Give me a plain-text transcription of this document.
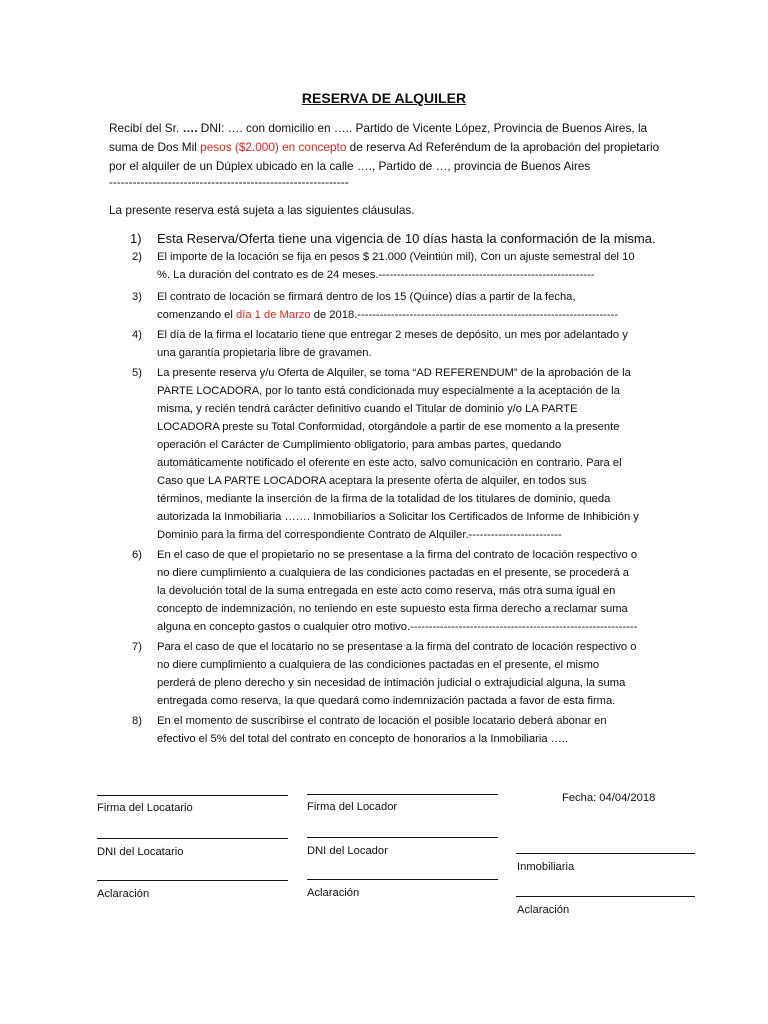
RESERVA DE ALQUILER

Recibí del Sr. …. DNI: …. con domicilio en ….. Partido de Vicente López, Provincia de Buenos Aires, la

suma de Dos Mil pesos ($2.000) en concepto de reserva Ad Referéndum de la aprobación del propietario

por el alquiler de un Dúplex ubicado en la calle …., Partido de …, provincia de Buenos Aires

-------------------------------------------------------------
La presente reserva está sujeta a las siguientes cláusulas.
1) Esta Reserva/Oferta tiene una vigencia de 10 días hasta la conformación de la misma.
2) El importe de la locación se fija en pesos $ 21.000 (Veintiún mil), Con un ajuste semestral del 10
%. La duración del contrato es de 24 meses.----------------------------------------------------------
3) El contrato de locación se firmará dentro de los 15 (Quince) días a partir de la fecha,
comenzando el día 1 de Marzo de 2018.----------------------------------------------------------------------
4) El día de la firma el locatario tiene que entregar 2 meses de depósito, un mes por adelantado y
una garantía propietaria libre de gravamen.
5) La presente reserva y/u Oferta de Alquiler, se toma “AD REFERENDUM” de la aprobación de la
PARTE LOCADORA, por lo tanto está condicionada muy especialmente a la aceptación de la
misma, y recién tendrá carácter definitivo cuando el Titular de dominio y/o LA PARTE
LOCADORA preste su Total Conformidad, otorgándole a partir de ese momento a la presente
operación el Carácter de Cumplimiento obligatorio, para ambas partes, quedando
automáticamente notificado el oferente en este acto, salvo comunicación en contrario. Para el
Caso que LA PARTE LOCADORA aceptara la presente oferta de alquiler, en todos sus
términos, mediante la inserción de la firma de la totalidad de los titulares de dominio, queda
autorizada la Inmobiliaria ……. Inmobiliarios a Solicitar los Certificados de Informe de Inhibición y
Dominio para la firma del correspondiente Contrato de Alquiler.-------------------------
6) En el caso de que el propietario no se presentase a la firma del contrato de locación respectivo o
no diere cumplimiento a cualquiera de las condiciones pactadas en el presente, se procederá a
la devolución total de la suma entregada en este acto como reserva, más otra suma igual en
concepto de indemnización, no teniendo en este supuesto esta firma derecho a reclamar suma
alguna en concepto gastos o cualquier otro motivo.-------------------------------------------------------------
7) Para el caso de que el locatario no se presentase a la firma del contrato de locación respectivo o
no diere cumplimiento a cualquiera de las condiciones pactadas en el presente, el mismo
perderá de pleno derecho y sin necesidad de intimación judicial o extrajudicial alguna, la suma
entregada como reserva, la que quedará como indemnización pactada a favor de esta firma.
8) En el momento de suscribirse el contrato de locación el posible locatario deberá abonar en
efectivo el 5% del total del contrato en concepto de honorarios a la Inmobiliaria …..
Firma del Locatario	Firma del Locador
Fecha: 04/04/2018
DNI del Locatario	DNI del Locador
Inmobiliaria
Aclaración	Aclaración
Aclaración
